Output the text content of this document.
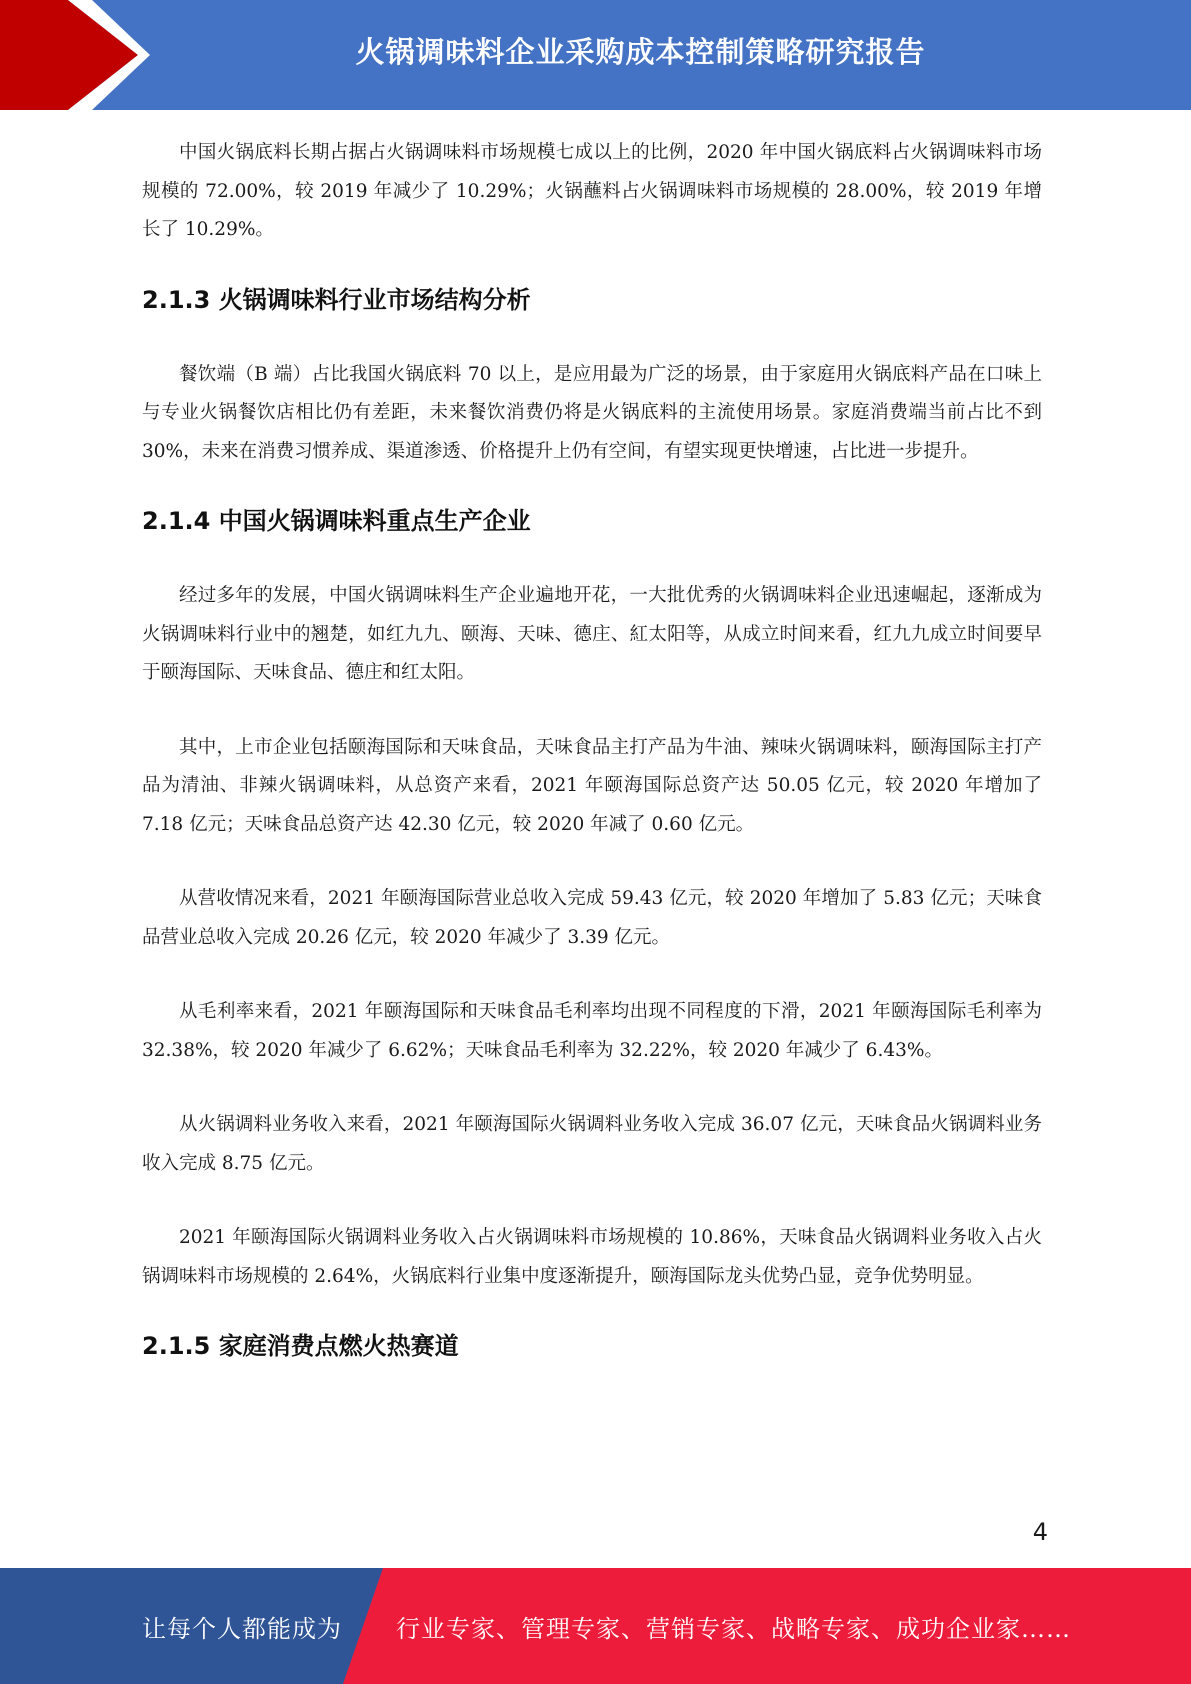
火锅调味料企业采购成本控制策略研究报告

中国火锅底料长期占据占火锅调味料市场规模七成以上的比例，2020 年中国火锅底料占火锅调味料市场规模的 72.00%，较 2019 年减少了 10.29%；火锅蘸料占火锅调味料市场规模的 28.00%，较 2019 年增长了 10.29%。

2.1.3 火锅调味料行业市场结构分析

餐饮端（B 端）占比我国火锅底料 70 以上，是应用最为广泛的场景，由于家庭用火锅底料产品在口味上与专业火锅餐饮店相比仍有差距，未来餐饮消费仍将是火锅底料的主流使用场景。家庭消费端当前占比不到 30%，未来在消费习惯养成、渠道渗透、价格提升上仍有空间，有望实现更快增速，占比进一步提升。

2.1.4 中国火锅调味料重点生产企业

经过多年的发展，中国火锅调味料生产企业遍地开花，一大批优秀的火锅调味料企业迅速崛起，逐渐成为火锅调味料行业中的翘楚，如红九九、颐海、天味、德庄、紅太阳等，从成立时间来看，红九九成立时间要早于颐海国际、天味食品、德庄和红太阳。

其中，上市企业包括颐海国际和天味食品，天味食品主打产品为牛油、辣味火锅调味料，颐海国际主打产品为清油、非辣火锅调味料，从总资产来看，2021 年颐海国际总资产达 50.05 亿元，较 2020 年增加了 7.18 亿元；天味食品总资产达 42.30 亿元，较 2020 年减了 0.60 亿元。

从营收情况来看，2021 年颐海国际营业总收入完成 59.43 亿元，较 2020 年增加了 5.83 亿元；天味食品营业总收入完成 20.26 亿元，较 2020 年减少了 3.39 亿元。

从毛利率来看，2021 年颐海国际和天味食品毛利率均出现不同程度的下滑，2021 年颐海国际毛利率为 32.38%，较 2020 年减少了 6.62%；天味食品毛利率为 32.22%，较 2020 年减少了 6.43%。

从火锅调料业务收入来看，2021 年颐海国际火锅调料业务收入完成 36.07 亿元，天味食品火锅调料业务收入完成 8.75 亿元。

2021 年颐海国际火锅调料业务收入占火锅调味料市场规模的 10.86%，天味食品火锅调料业务收入占火锅调味料市场规模的 2.64%，火锅底料行业集中度逐渐提升，颐海国际龙头优势凸显，竞争优势明显。

2.1.5 家庭消费点燃火热赛道
4
让每个人都能成为 行业专家、管理专家、营销专家、战略专家、成功企业家……
